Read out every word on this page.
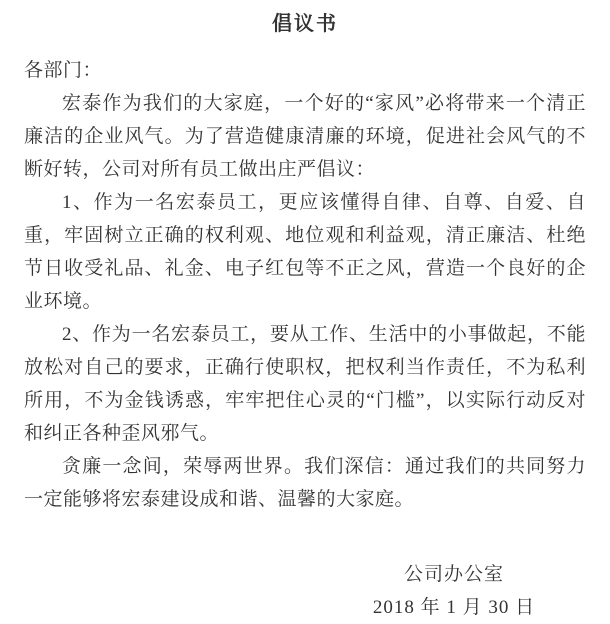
倡议书

各部门：

宏泰作为我们的大家庭，一个好的“家风”必将带来一个清正廉洁的企业风气。为了营造健康清廉的环境，促进社会风气的不断好转，公司对所有员工做出庄严倡议：

1、作为一名宏泰员工，更应该懂得自律、自尊、自爱、自重，牢固树立正确的权利观、地位观和利益观，清正廉洁、杜绝节日收受礼品、礼金、电子红包等不正之风，营造一个良好的企业环境。

2、作为一名宏泰员工，要从工作、生活中的小事做起，不能放松对自己的要求，正确行使职权，把权利当作责任，不为私利所用，不为金钱诱惑，牢牢把住心灵的“门槛”，以实际行动反对和纠正各种歪风邪气。

贪廉一念间，荣辱两世界。我们深信：通过我们的共同努力一定能够将宏泰建设成和谐、温馨的大家庭。

公司办公室

2018 年 1 月 30 日
